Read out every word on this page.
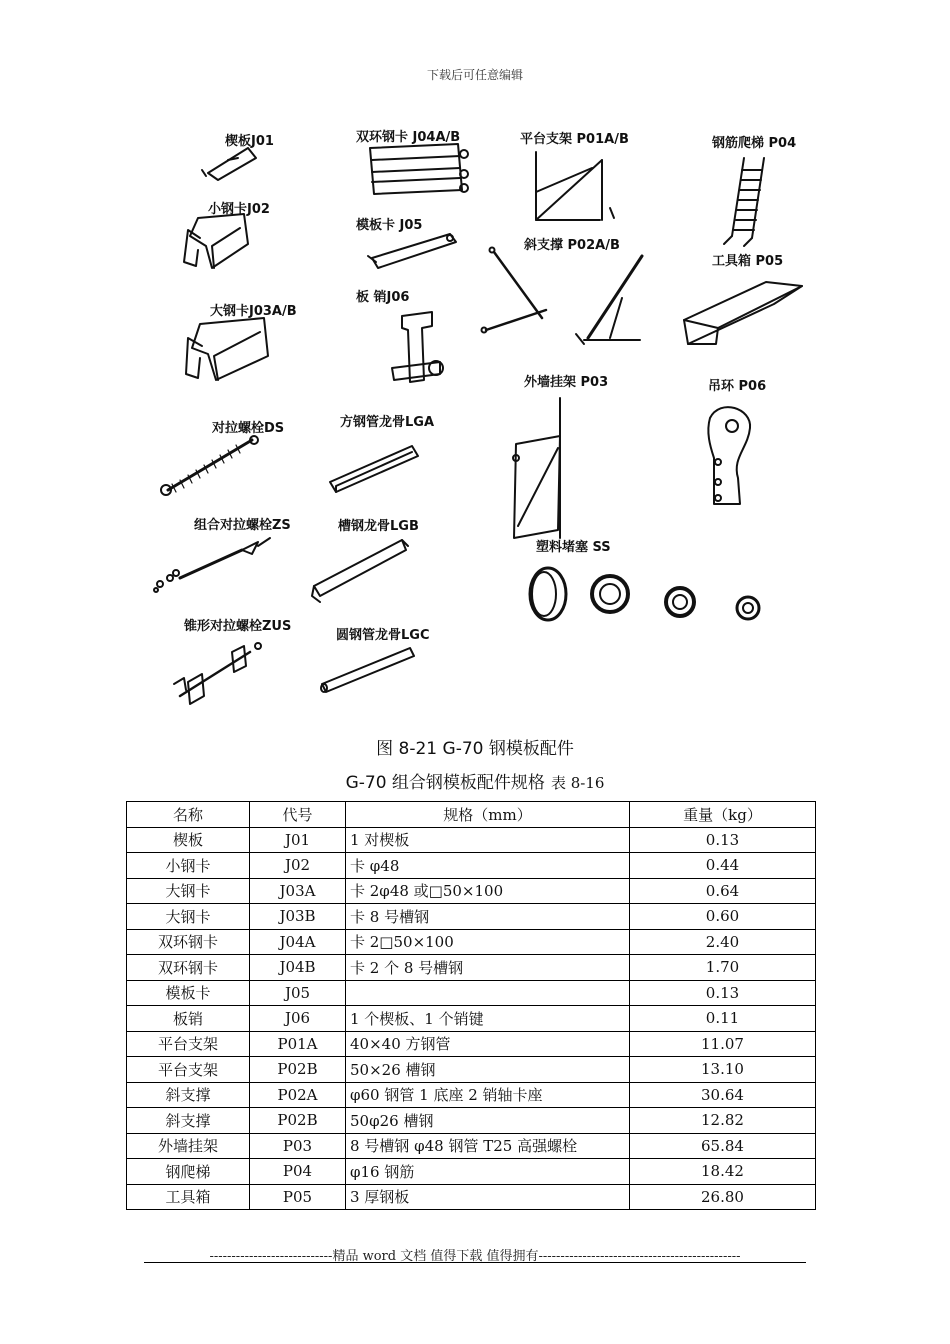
下载后可任意编辑
楔板J01
小钢卡J02
大钢卡J03A/B
双环钢卡 J04A/B
模板卡 J05
板 销J06
平台支架 P01A/B
斜支撑 P02A/B
外墙挂架 P03
钢筋爬梯 P04
工具箱 P05
吊环 P06
对拉螺栓DS
组合对拉螺栓ZS
锥形对拉螺栓ZUS
方钢管龙骨LGA
槽钢龙骨LGB
圆钢管龙骨LGC
塑料堵塞 SS
图 8-21 G-70 钢模板配件
G-70 组合钢模板配件规格 表 8-16
名称	代号	规格（mm）	重量（kg）
楔板	J01	1 对楔板	0.13
小钢卡	J02	卡 φ48	0.44
大钢卡	J03A	卡 2φ48 或□50×100	0.64
大钢卡	J03B	卡 8 号槽钢	0.60
双环钢卡	J04A	卡 2□50×100	2.40
双环钢卡	J04B	卡 2 个 8 号槽钢	1.70
模板卡	J05		0.13
板销	J06	1 个楔板、1 个销键	0.11
平台支架	P01A	40×40 方钢管	11.07
平台支架	P02B	50×26 槽钢	13.10
斜支撑	P02A	φ60 钢管 1 底座 2 销轴卡座	30.64
斜支撑	P02B	50φ26 槽钢	12.82
外墙挂架	P03	8 号槽钢 φ48 钢管 T25 高强螺栓	65.84
钢爬梯	P04	φ16 钢筋	18.42
工具箱	P05	3 厚钢板	26.80
----------------------------精品 word 文档 值得下载 值得拥有----------------------------------------------
